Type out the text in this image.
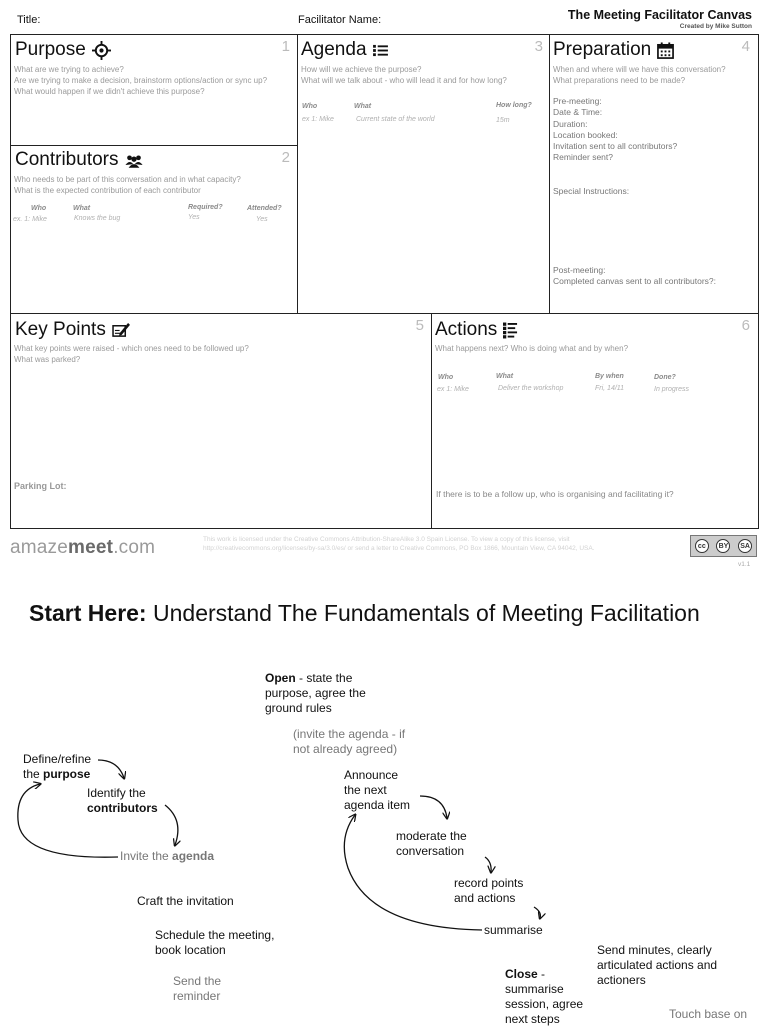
Title:	Facilitator Name:	The Meeting Facilitator Canvas
Created by Mike Sutton
Purpose	1
What are we trying to achieve?
Are we trying to make a decision, brainstorm options/action or sync up?
What would happen if we didn't achieve this purpose?
Contributors	2
Who needs to be part of this conversation and in what capacity?
What is the expected contribution of each contributor
Who	What	Required?	Attended?
ex. 1: Mike	Knows the bug	Yes	Yes
Agenda	3
How will we achieve the purpose?
What will we talk about - who will lead it and for how long?
Who	What	How long?
ex 1: Mike	Current state of the world	15m
Preparation	4
When and where will we have this conversation?
What preparations need to be made?
Pre-meeting:
Date & Time:
Duration:
Location booked:
Invitation sent to all contributors?
Reminder sent?
Special Instructions:
Post-meeting:
Completed canvas sent to all contributors?:
Key Points	5
What key points were raised - which ones need to be followed up?
What was parked?
Parking Lot:
Actions	6
What happens next? Who is doing what and by when?
Who	What	By when	Done?
ex 1: Mike	Deliver the workshop	Fri, 14/11	In progress
If there is to be a follow up, who is organising and facilitating it?
amazemeet.com	This work is licensed under the Creative Commons Attribution-ShareAlike 3.0 Spain License. To view a copy of this license, visit
http://creativecommons.org/licenses/by-sa/3.0/es/ or send a letter to Creative Commons, PO Box 1866, Mountain View, CA 94042, USA.	cc	BY	SA
v1.1
Start Here: Understand The Fundamentals of Meeting Facilitation
Define/refine
the purpose
Identify the
contributors
Invite the agenda
Craft the invitation
Schedule the meeting,
book location
Send the
reminder
Open - state the
purpose, agree the
ground rules
(invite the agenda - if
not already agreed)
Announce
the next
agenda item
moderate the
conversation
record points
and actions
summarise
Close -
summarise
session, agree
next steps
Send minutes, clearly
articulated actions and
actioners
Touch base on
